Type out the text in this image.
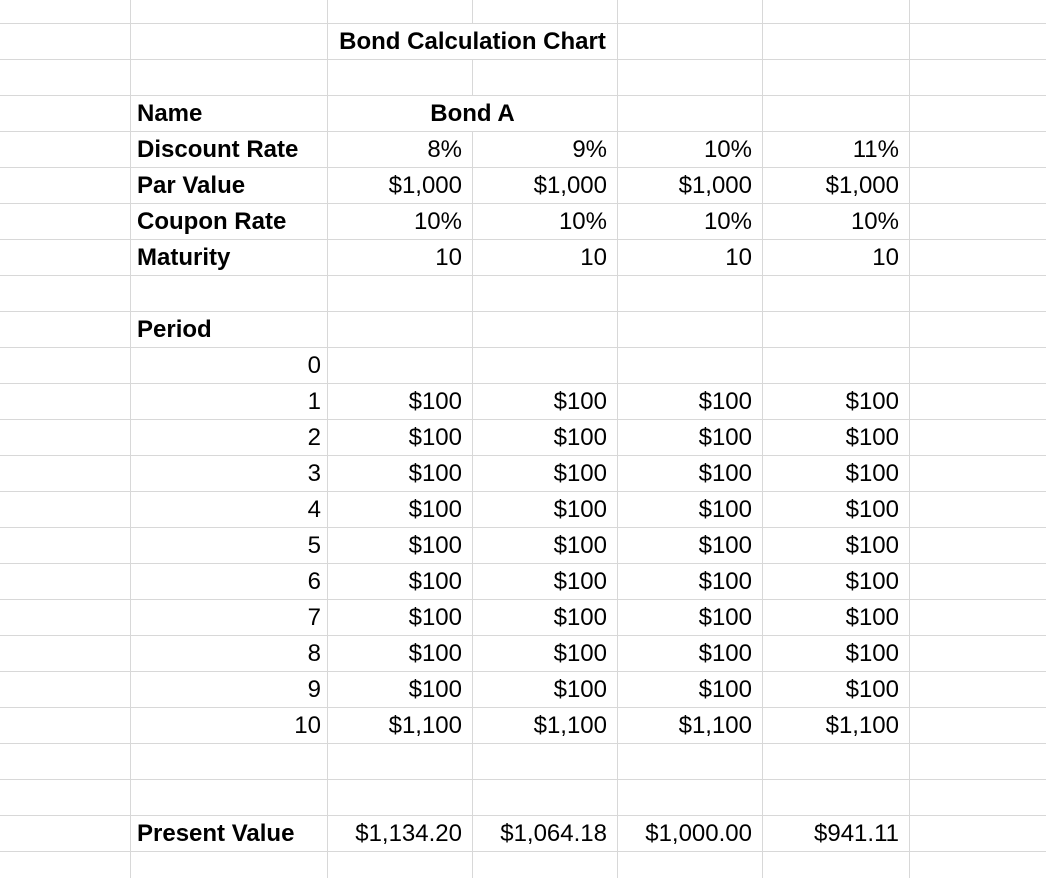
Bond Calculation Chart
Name	Bond A
Discount Rate	8%	9%	10%	11%
Par Value	$1,000	$1,000	$1,000	$1,000
Coupon Rate	10%	10%	10%	10%
Maturity	10	10	10	10
Period
0
1	$100	$100	$100	$100
2	$100	$100	$100	$100
3	$100	$100	$100	$100
4	$100	$100	$100	$100
5	$100	$100	$100	$100
6	$100	$100	$100	$100
7	$100	$100	$100	$100
8	$100	$100	$100	$100
9	$100	$100	$100	$100
10	$1,100	$1,100	$1,100	$1,100
Present Value	$1,134.20	$1,064.18	$1,000.00	$941.11
